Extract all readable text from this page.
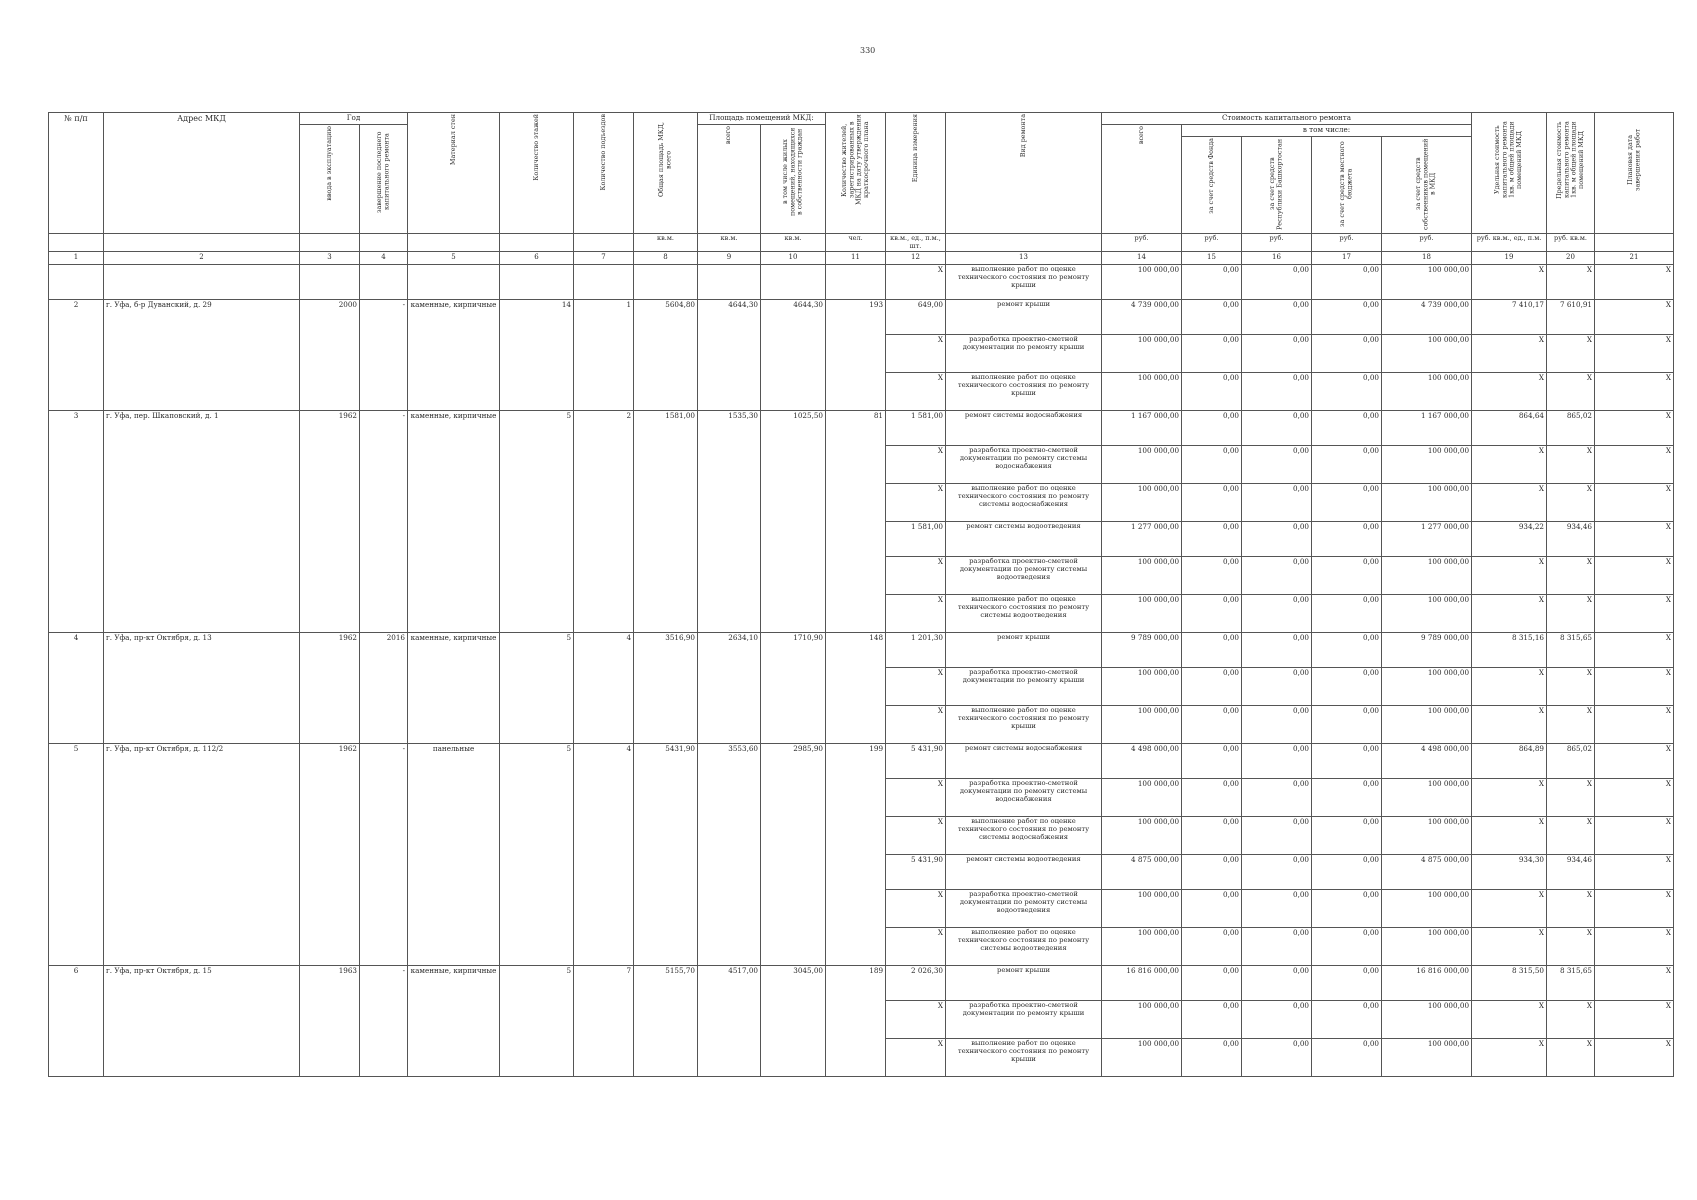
330
№ п/п	Адрес МКД	Год		Материал стен	Количество этажей	Количество подъездов	Общая площадь МКД, всего	Площадь помещений МКД:		Количество жителей, зарегистрированных в МКД на дату утверждения краткосрочного плана	Единица измерения	Вид ремонта	Стоимость капитального ремонта					Удельная стоимость капитального ремонта 1кв. м общей площади помещений МКД	Предельная стоимость капитального ремонта 1кв. м общей площади помещений МКД	Плановая дата завершения работ
		ввода в эксплуатацию	завершение последнего капитального ремонта					всего	в том числе жилых помещений, находящихся в собственности граждан				всего	в том числе:						
														за счет средств Фонда	за счет средств Республики Башкортостан	за счет средств местного бюджета	за счет средств собственников помещений в МКД			
							кв.м.	кв.м.	кв.м.	чел.	кв.м., ед., п.м., шт.		руб.	руб.	руб.	руб.	руб.	руб. кв.м., ед., п.м.	руб. кв.м.	
1	2	3	4	5	6	7	8	9	10	11	12	13	14	15	16	17	18	19	20	21
											X	выполнение работ по оценке технического состояния по ремонту крыши	100 000,00	0,00	0,00	0,00	100 000,00	X	X	X
2	г. Уфа, б-р Дуванский, д. 29	2000	-	каменные, кирпичные	14	1	5604,80	4644,30	4644,30	193	649,00	ремонт крыши	4 739 000,00	0,00	0,00	0,00	4 739 000,00	7 410,17	7 610,91	X
											X	разработка проектно-сметной документации по ремонту крыши	100 000,00	0,00	0,00	0,00	100 000,00	X	X	X
											X	выполнение работ по оценке технического состояния по ремонту крыши	100 000,00	0,00	0,00	0,00	100 000,00	X	X	X
3	г. Уфа, пер. Шкаповский, д. 1	1962	-	каменные, кирпичные	5	2	1581,00	1535,30	1025,50	81	1 581,00	ремонт системы водоснабжения	1 167 000,00	0,00	0,00	0,00	1 167 000,00	864,64	865,02	X
											X	разработка проектно-сметной документации по ремонту системы водоснабжения	100 000,00	0,00	0,00	0,00	100 000,00	X	X	X
											X	выполнение работ по оценке технического состояния по ремонту системы водоснабжения	100 000,00	0,00	0,00	0,00	100 000,00	X	X	X
											1 581,00	ремонт системы водоотведения	1 277 000,00	0,00	0,00	0,00	1 277 000,00	934,22	934,46	X
											X	разработка проектно-сметной документации по ремонту системы водоотведения	100 000,00	0,00	0,00	0,00	100 000,00	X	X	X
											X	выполнение работ по оценке технического состояния по ремонту системы водоотведения	100 000,00	0,00	0,00	0,00	100 000,00	X	X	X
4	г. Уфа, пр-кт Октября, д. 13	1962	2016	каменные, кирпичные	5	4	3516,90	2634,10	1710,90	148	1 201,30	ремонт крыши	9 789 000,00	0,00	0,00	0,00	9 789 000,00	8 315,16	8 315,65	X
											X	разработка проектно-сметной документации по ремонту крыши	100 000,00	0,00	0,00	0,00	100 000,00	X	X	X
											X	выполнение работ по оценке технического состояния по ремонту крыши	100 000,00	0,00	0,00	0,00	100 000,00	X	X	X
5	г. Уфа, пр-кт Октября, д. 112/2	1962	-	панельные	5	4	5431,90	3553,60	2985,90	199	5 431,90	ремонт системы водоснабжения	4 498 000,00	0,00	0,00	0,00	4 498 000,00	864,89	865,02	X
											X	разработка проектно-сметной документации по ремонту системы водоснабжения	100 000,00	0,00	0,00	0,00	100 000,00	X	X	X
											X	выполнение работ по оценке технического состояния по ремонту системы водоснабжения	100 000,00	0,00	0,00	0,00	100 000,00	X	X	X
											5 431,90	ремонт системы водоотведения	4 875 000,00	0,00	0,00	0,00	4 875 000,00	934,30	934,46	X
											X	разработка проектно-сметной документации по ремонту системы водоотведения	100 000,00	0,00	0,00	0,00	100 000,00	X	X	X
											X	выполнение работ по оценке технического состояния по ремонту системы водоотведения	100 000,00	0,00	0,00	0,00	100 000,00	X	X	X
6	г. Уфа, пр-кт Октября, д. 15	1963	-	каменные, кирпичные	5	7	5155,70	4517,00	3045,00	189	2 026,30	ремонт крыши	16 816 000,00	0,00	0,00	0,00	16 816 000,00	8 315,50	8 315,65	X
											X	разработка проектно-сметной документации по ремонту крыши	100 000,00	0,00	0,00	0,00	100 000,00	X	X	X
											X	выполнение работ по оценке технического состояния по ремонту крыши	100 000,00	0,00	0,00	0,00	100 000,00	X	X	X
